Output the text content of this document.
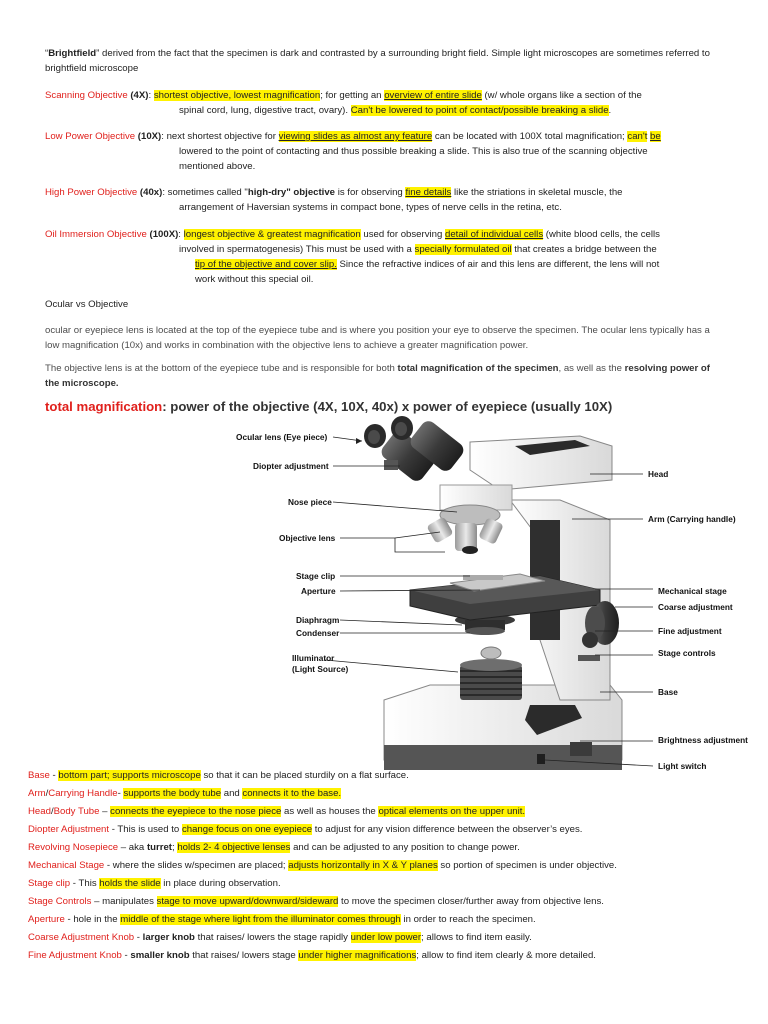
“Brightfield” derived from the fact that the specimen is dark and contrasted by a surrounding bright field. Simple light microscopes are sometimes referred to brightfield microscope
Scanning Objective (4X): shortest objective, lowest magnification; for getting an overview of entire slide (w/ whole organs like a section of the
spinal cord, lung, digestive tract, ovary). Can't be lowered to point of contact/possible breaking a slide.
Low Power Objective (10X): next shortest objective for viewing slides as almost any feature can be located with 100X total magnification; can't be
lowered to the point of contacting and thus possible breaking a slide. This is also true of the scanning objective
mentioned above.
High Power Objective (40x): sometimes called "high-dry" objective is for observing fine details like the striations in skeletal muscle, the
arrangement of Haversian systems in compact bone, types of nerve cells in the retina, etc.
Oil Immersion Objective (100X): longest objective & greatest magnification used for observing detail of individual cells (white blood cells, the cells
involved in spermatogenesis) This must be used with a specially formulated oil that creates a bridge between the
tip of the objective and cover slip. Since the refractive indices of air and this lens are different, the lens will not
work without this special oil.
Ocular vs Objective
ocular or eyepiece lens is located at the top of the eyepiece tube and is where you position your eye to observe the specimen. The ocular lens typically has a low magnification (10x) and works in combination with the objective lens to achieve a greater magnification power.
The objective lens is at the bottom of the eyepiece tube and is responsible for both total magnification of the specimen, as well as the resolving power of the microscope.
total magnification: power of the objective (4X, 10X, 40x) x power of eyepiece (usually 10X)
Ocular lens (Eye piece)
Diopter adjustment
Nose piece
Objective lens
Stage clip
Aperture
Diaphragm
Condenser
Illuminator
(Light Source)
Head
Arm (Carrying handle)
Mechanical stage
Coarse adjustment
Fine adjustment
Stage controls
Base
Brightness adjustment
Light switch
Base - bottom part; supports microscope so that it can be placed sturdily on a flat surface.
Arm/Carrying Handle- supports the body tube and connects it to the base.
Head/Body Tube – connects the eyepiece to the nose piece as well as houses the optical elements on the upper unit.
Diopter Adjustment - This is used to change focus on one eyepiece to adjust for any vision difference between the observer’s eyes.
Revolving Nosepiece – aka turret; holds 2- 4 objective lenses and can be adjusted to any position to change power.
Mechanical Stage - where the slides w/specimen are placed; adjusts horizontally in X & Y planes so portion of specimen is under objective.
Stage clip - This holds the slide in place during observation.
Stage Controls – manipulates stage to move upward/downward/sideward to move the specimen closer/further away from objective lens.
Aperture - hole in the middle of the stage where light from the illuminator comes through in order to reach the specimen.
Coarse Adjustment Knob - larger knob that raises/ lowers the stage rapidly under low power; allows to find item easily.
Fine Adjustment Knob - smaller knob that raises/ lowers stage under higher magnifications; allow to find item clearly & more detailed.
